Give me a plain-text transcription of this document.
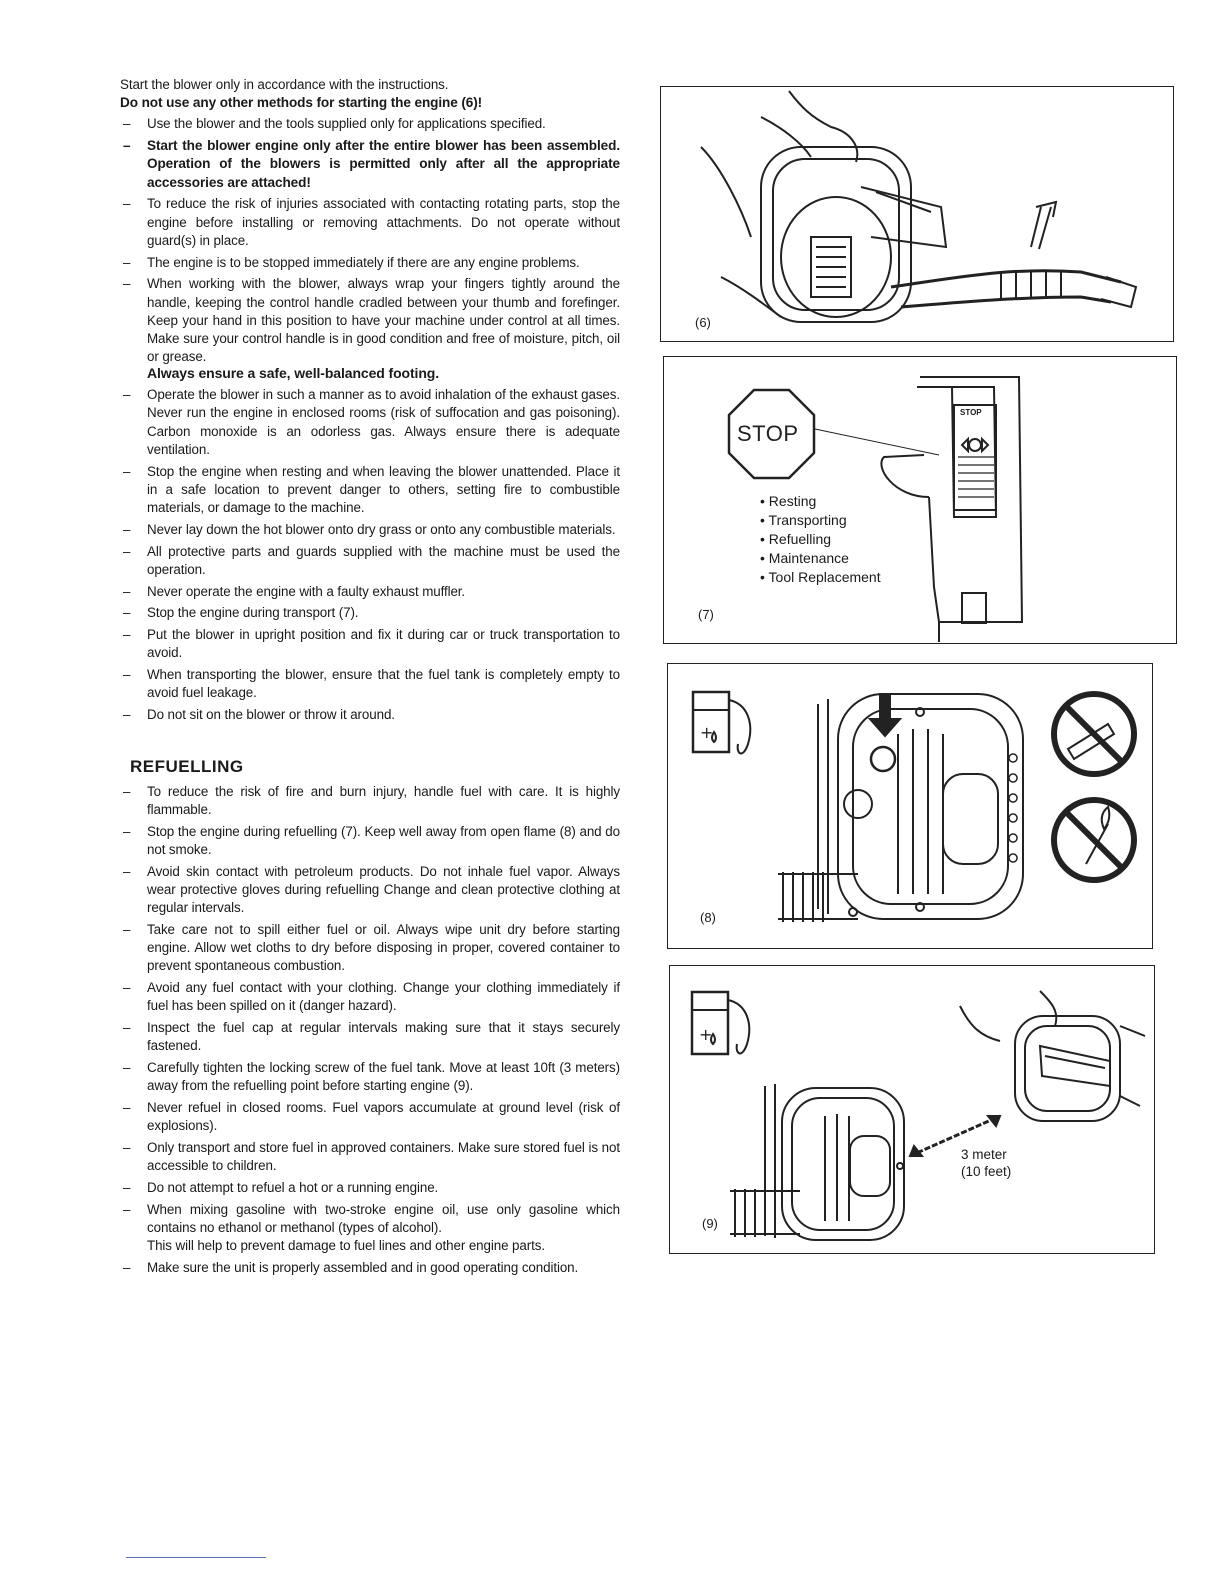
Start the blower only in accordance with the instructions.

Do not use any other methods for starting the engine (6)!

– Use the blower and the tools supplied only for applications specified.
– Start the blower engine only after the entire blower has been assembled. Operation of the blowers is permitted only after all the appropriate accessories are attached!
– To reduce the risk of injuries associated with contacting rotating parts, stop the engine before installing or removing attachments. Do not operate without guard(s) in place.
– The engine is to be stopped immediately if there are any engine problems.
– When working with the blower, always wrap your fingers tightly around the handle, keeping the control handle cradled between your thumb and forefinger. Keep your hand in this position to have your machine under control at all times. Make sure your control handle is in good condition and free of moisture, pitch, oil or grease.
Always ensure a safe, well-balanced footing.
– Operate the blower in such a manner as to avoid inhalation of the exhaust gases. Never run the engine in enclosed rooms (risk of suffocation and gas poisoning). Carbon monoxide is an odorless gas. Always ensure there is adequate ventilation.
– Stop the engine when resting and when leaving the blower unattended. Place it in a safe location to prevent danger to others, setting fire to combustible materials, or damage to the machine.
– Never lay down the hot blower onto dry grass or onto any combustible materials.
– All protective parts and guards supplied with the machine must be used the operation.
– Never operate the engine with a faulty exhaust muffler.
– Stop the engine during transport (7).
– Put the blower in upright position and fix it during car or truck transportation to avoid.
– When transporting the blower, ensure that the fuel tank is completely empty to avoid fuel leakage.
– Do not sit on the blower or throw it around.
REFUELLING
– To reduce the risk of fire and burn injury, handle fuel with care. It is highly flammable.
– Stop the engine during refuelling (7). Keep well away from open flame (8) and do not smoke.
– Avoid skin contact with petroleum products. Do not inhale fuel vapor. Always wear protective gloves during refuelling Change and clean protective clothing at regular intervals.
– Take care not to spill either fuel or oil. Always wipe unit dry before starting engine. Allow wet cloths to dry before disposing in proper, covered container to prevent spontaneous combustion.
– Avoid any fuel contact with your clothing. Change your clothing immediately if fuel has been spilled on it (danger hazard).
– Inspect the fuel cap at regular intervals making sure that it stays securely fastened.
– Carefully tighten the locking screw of the fuel tank. Move at least 10ft (3 meters) away from the refuelling point before starting engine (9).
– Never refuel in closed rooms. Fuel vapors accumulate at ground level (risk of explosions).
– Only transport and store fuel in approved containers. Make sure stored fuel is not accessible to children.
– Do not attempt to refuel a hot or a running engine.
– When mixing gasoline with two-stroke engine oil, use only gasoline which contains no ethanol or methanol (types of alcohol).
This will help to prevent damage to fuel lines and other engine parts.
– Make sure the unit is properly assembled and in good operating condition.
(6)
STOP
STOP
• Resting
• Transporting
• Refuelling
• Maintenance
• Tool Replacement
(7)
+
(8)
+
3 meter
(10 feet)
(9)
